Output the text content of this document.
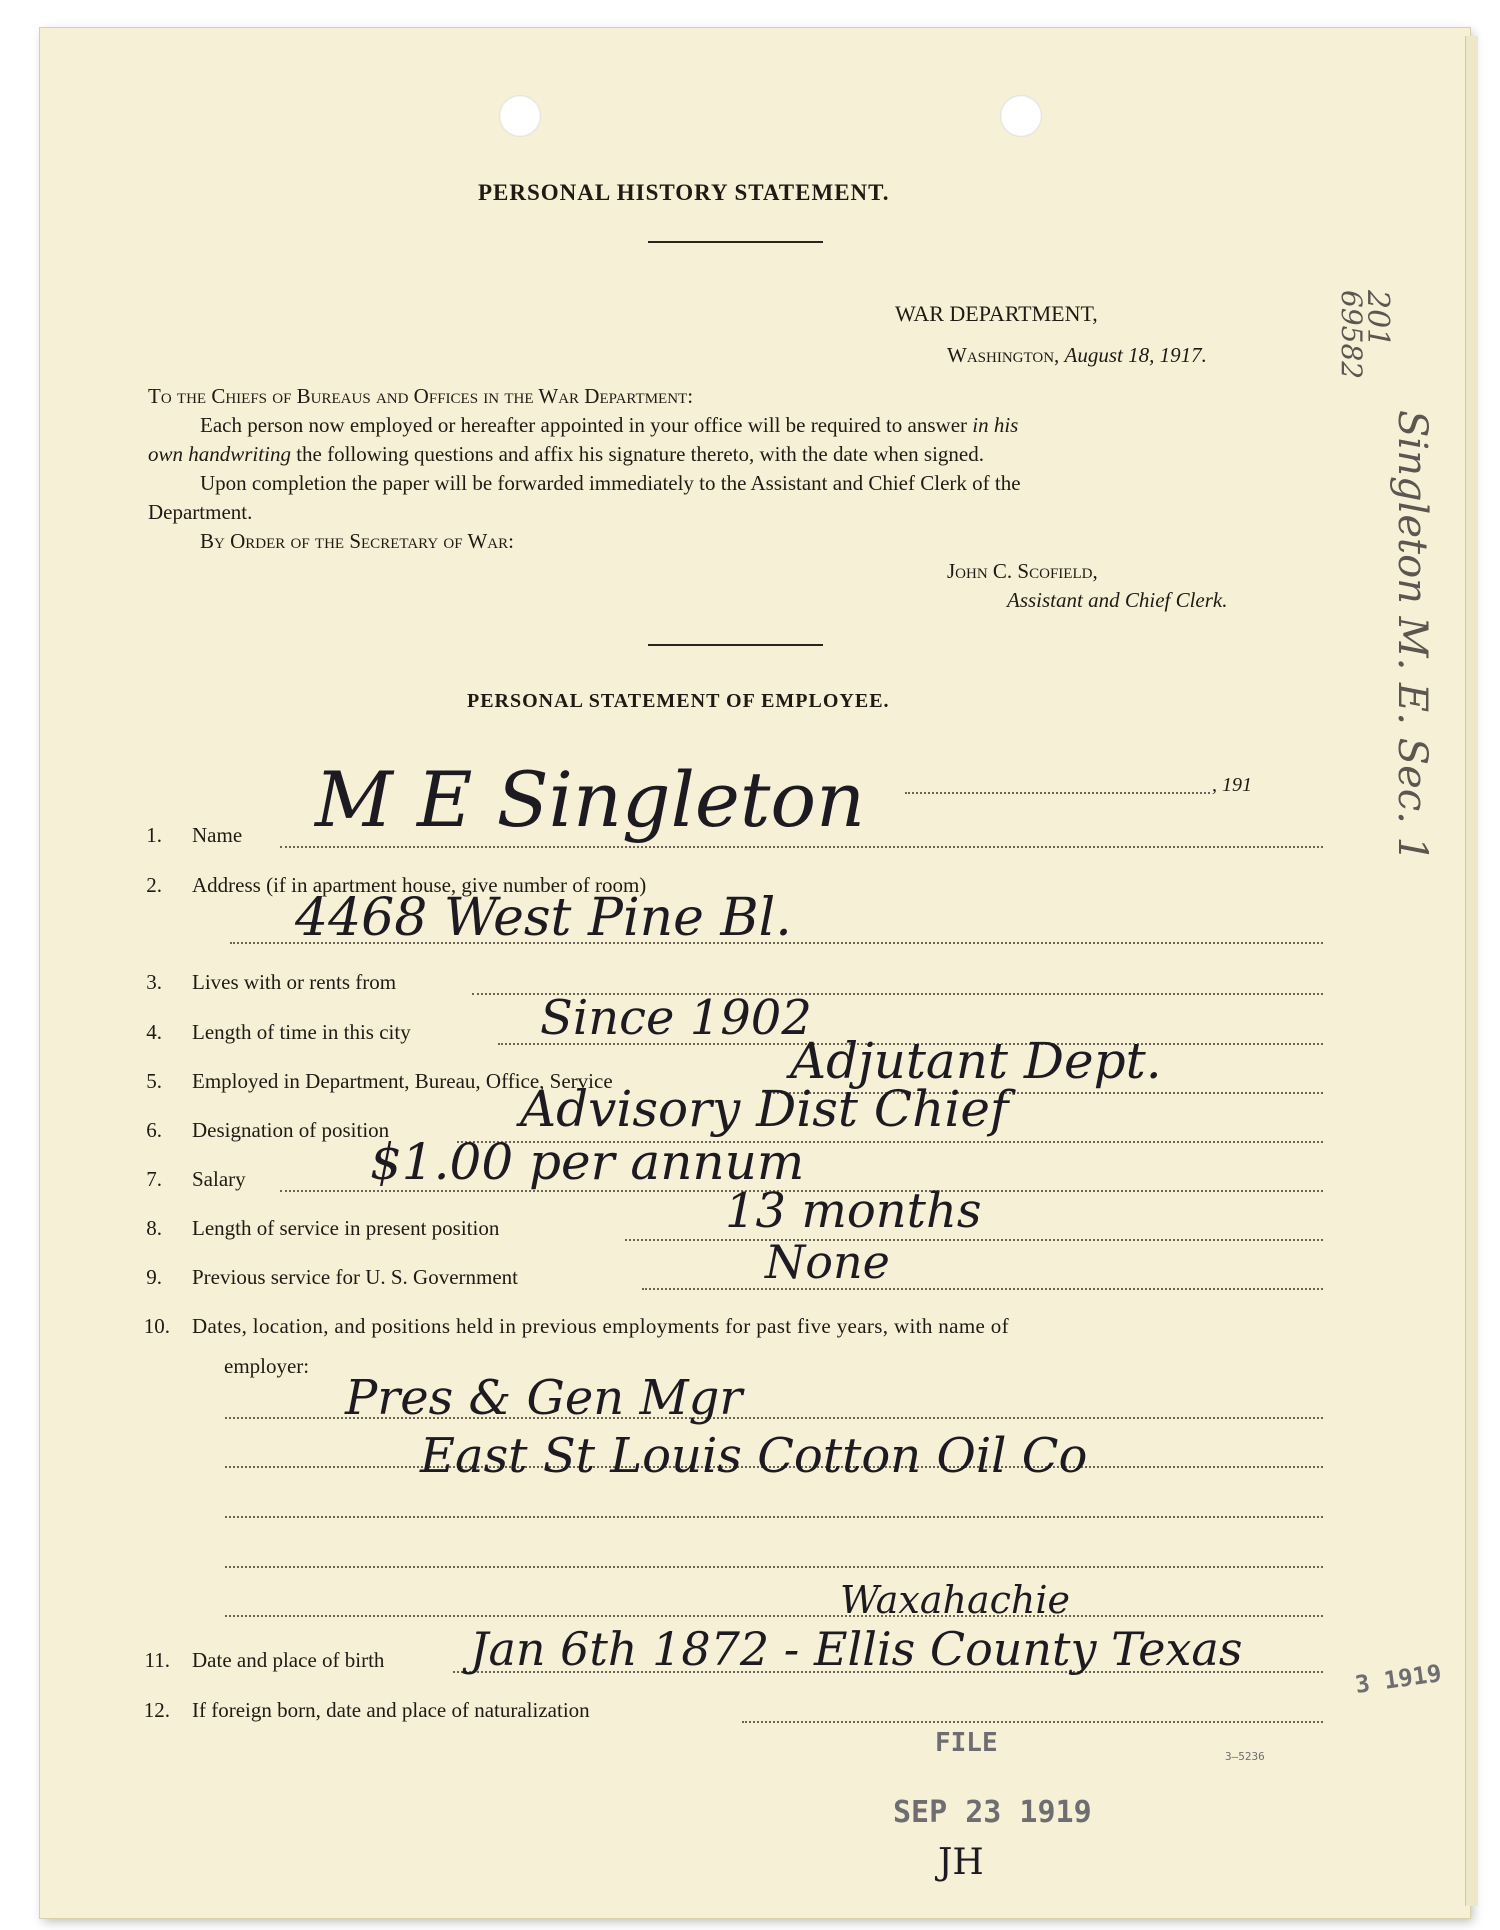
PERSONAL HISTORY STATEMENT.
WAR DEPARTMENT,
Washington, August 18, 1917.
To the Chiefs of Bureaus and Offices in the War Department:
Each person now employed or hereafter appointed in your office will be required to answer in his
own handwriting the following questions and affix his signature thereto, with the date when signed.
Upon completion the paper will be forwarded immediately to the Assistant and Chief Clerk of the
Department.
By Order of the Secretary of War:
John C. Scofield,
Assistant and Chief Clerk.
PERSONAL STATEMENT OF EMPLOYEE.
, 191
1. Name M E Singleton
2. Address (if in apartment house, give number of room)
4468 West Pine Bl.
3. Lives with or rents from
4. Length of time in this city	Since 1902
5. Employed in Department, Bureau, Office, Service	Adjutant Dept.
6. Designation of position	Advisory Dist Chief
7. Salary $1.00 per annum
8. Length of service in present position	13 months
9. Previous service for U. S. Government	None
10. Dates, location, and positions held in previous employments for past five years, with name of
employer:
Pres & Gen Mgr
East St Louis Cotton Oil Co
Waxahachie
11. Date and place of birth Jan 6th 1872 - Ellis County Texas
12. If foreign born, date and place of naturalization
3—5236
FILE
SEP 23 1919
JH
3 1919
201
69582
Singleton M. E. Sec. 1
